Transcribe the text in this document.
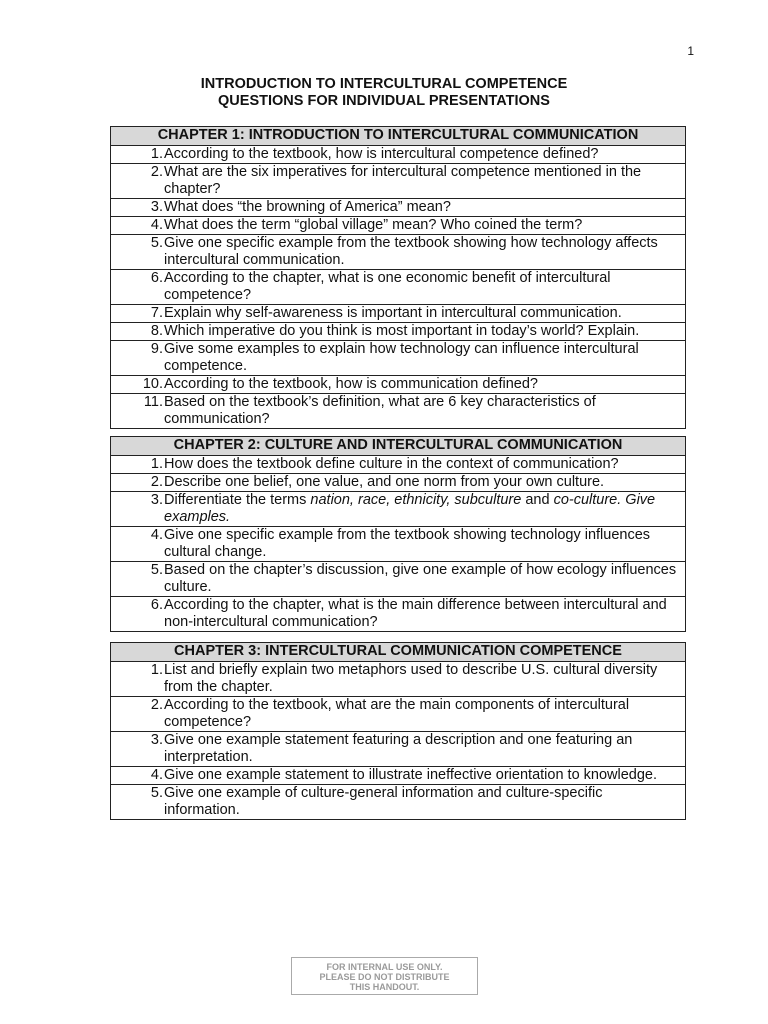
1
INTRODUCTION TO INTERCULTURAL COMPETENCE
QUESTIONS FOR INDIVIDUAL PRESENTATIONS
CHAPTER 1: INTRODUCTION TO INTERCULTURAL COMMUNICATION
1. According to the textbook, how is intercultural competence defined?
2. What are the six imperatives for intercultural competence mentioned in the chapter?
3. What does “the browning of America” mean?
4. What does the term “global village” mean? Who coined the term?
5. Give one specific example from the textbook showing how technology affects intercultural communication.
6. According to the chapter, what is one economic benefit of intercultural competence?
7. Explain why self-awareness is important in intercultural communication.
8. Which imperative do you think is most important in today’s world? Explain.
9. Give some examples to explain how technology can influence intercultural competence.
10. According to the textbook, how is communication defined?
11. Based on the textbook’s definition, what are 6 key characteristics of communication?
CHAPTER 2: CULTURE AND INTERCULTURAL COMMUNICATION
1. How does the textbook define culture in the context of communication?
2. Describe one belief, one value, and one norm from your own culture.
3. Differentiate the terms nation, race, ethnicity, subculture and co-culture. Give examples.
4. Give one specific example from the textbook showing technology influences cultural change.
5. Based on the chapter’s discussion, give one example of how ecology influences culture.
6. According to the chapter, what is the main difference between intercultural and non-intercultural communication?
CHAPTER 3: INTERCULTURAL COMMUNICATION COMPETENCE
1. List and briefly explain two metaphors used to describe U.S. cultural diversity from the chapter.
2. According to the textbook, what are the main components of intercultural competence?
3. Give one example statement featuring a description and one featuring an interpretation.
4. Give one example statement to illustrate ineffective orientation to knowledge.
5. Give one example of culture-general information and culture-specific information.
FOR INTERNAL USE ONLY.
PLEASE DO NOT DISTRIBUTE
THIS HANDOUT.
